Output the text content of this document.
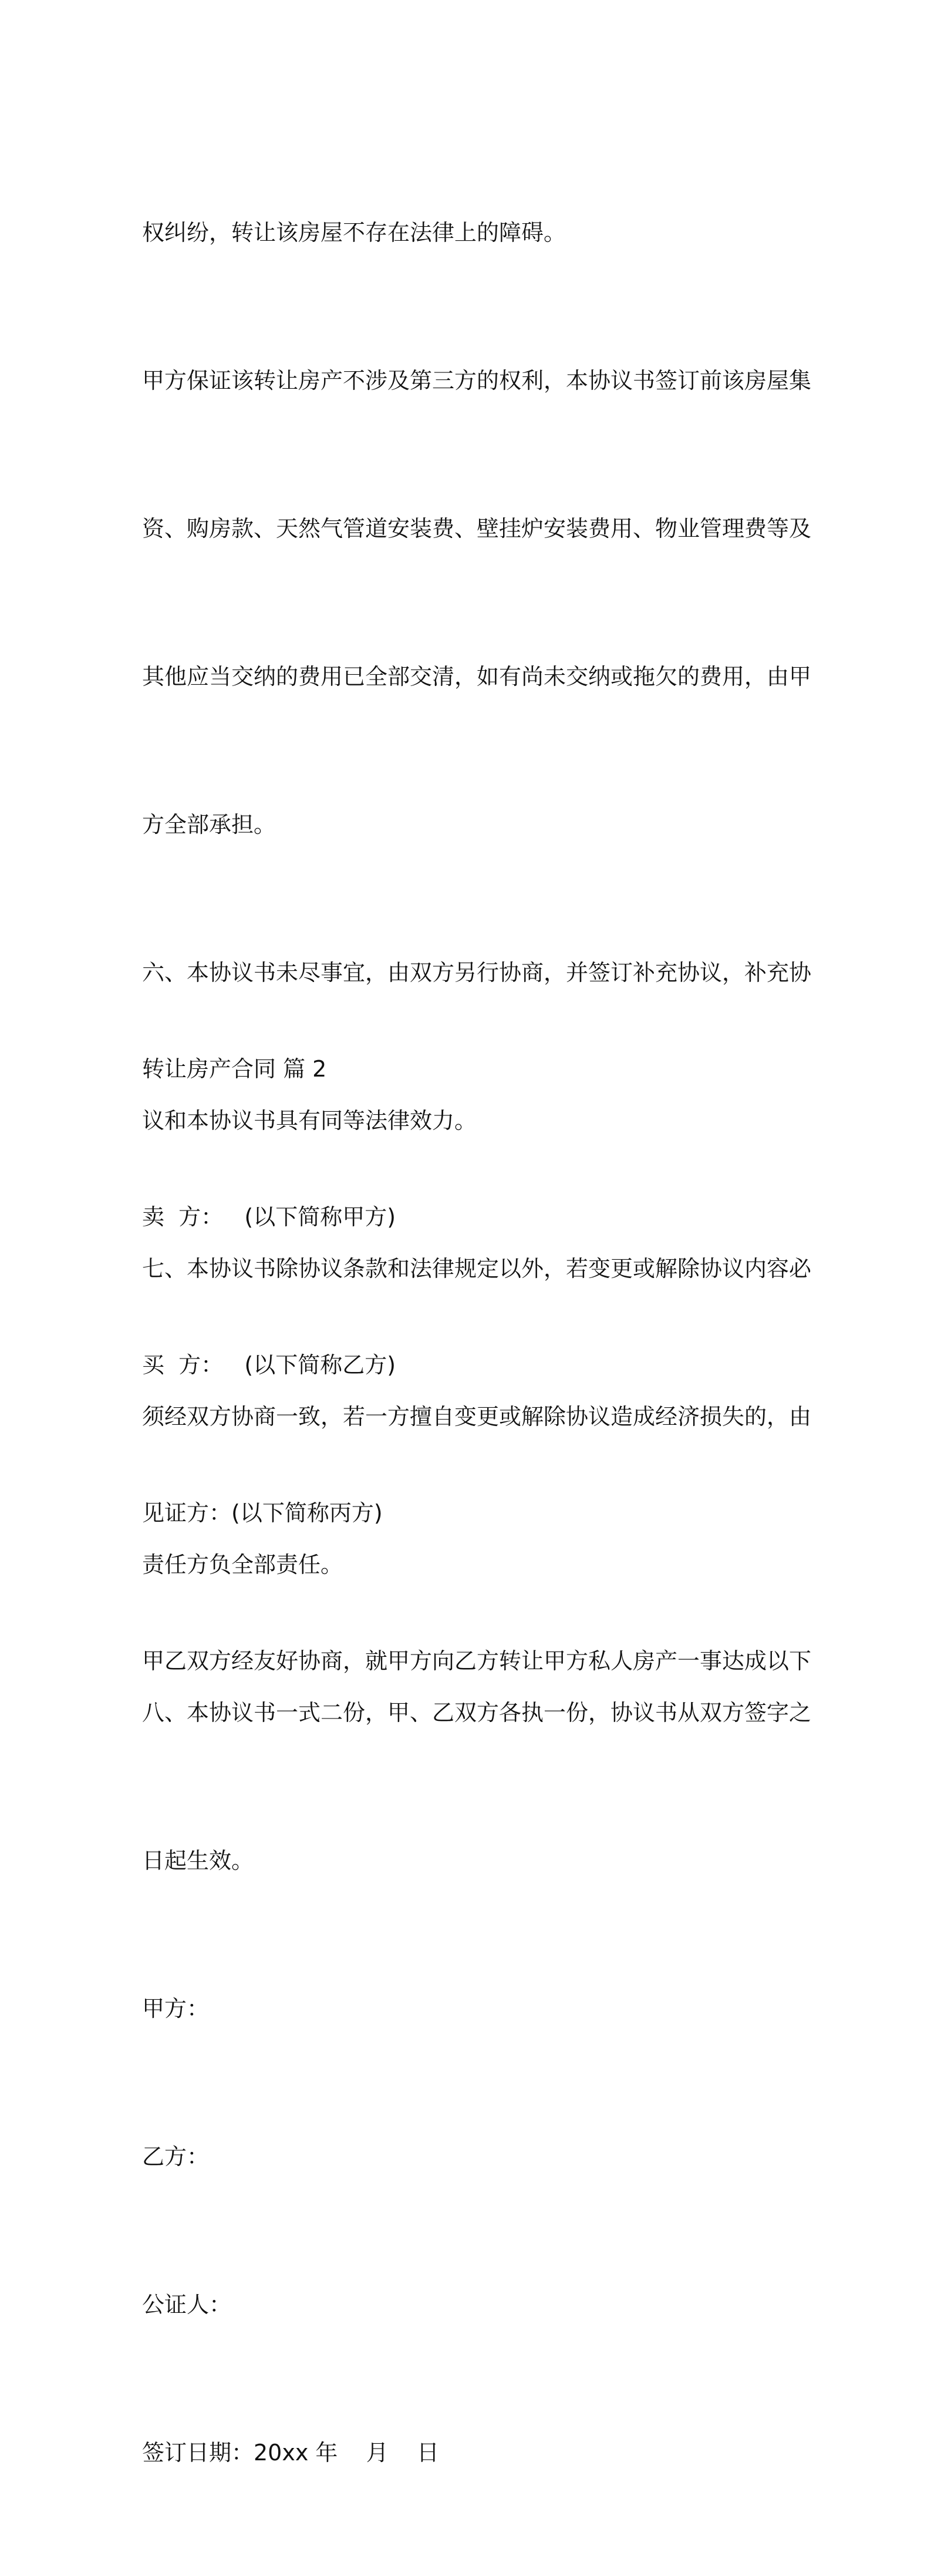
权纠纷，转让该房屋不存在法律上的障碍。

甲方保证该转让房产不涉及第三方的权利，本协议书签订前该房屋集

资、购房款、天然气管道安装费、壁挂炉安装费用、物业管理费等及

其他应当交纳的费用已全部交清，如有尚未交纳或拖欠的费用，由甲

方全部承担。

六、本协议书未尽事宜，由双方另行协商，并签订补充协议，补充协

议和本协议书具有同等法律效力。

七、本协议书除协议条款和法律规定以外，若变更或解除协议内容必

须经双方协商一致，若一方擅自变更或解除协议造成经济损失的，由

责任方负全部责任。

八、本协议书一式二份，甲、乙双方各执一份，协议书从双方签字之

日起生效。

甲方：

乙方：

公证人：

签订日期：20xx 年    月    日

转让房产合同 篇 2

卖  方：   (以下简称甲方)

买  方：   (以下简称乙方)

见证方：(以下简称丙方)

甲乙双方经友好协商，就甲方向乙方转让甲方私人房产一事达成以下
